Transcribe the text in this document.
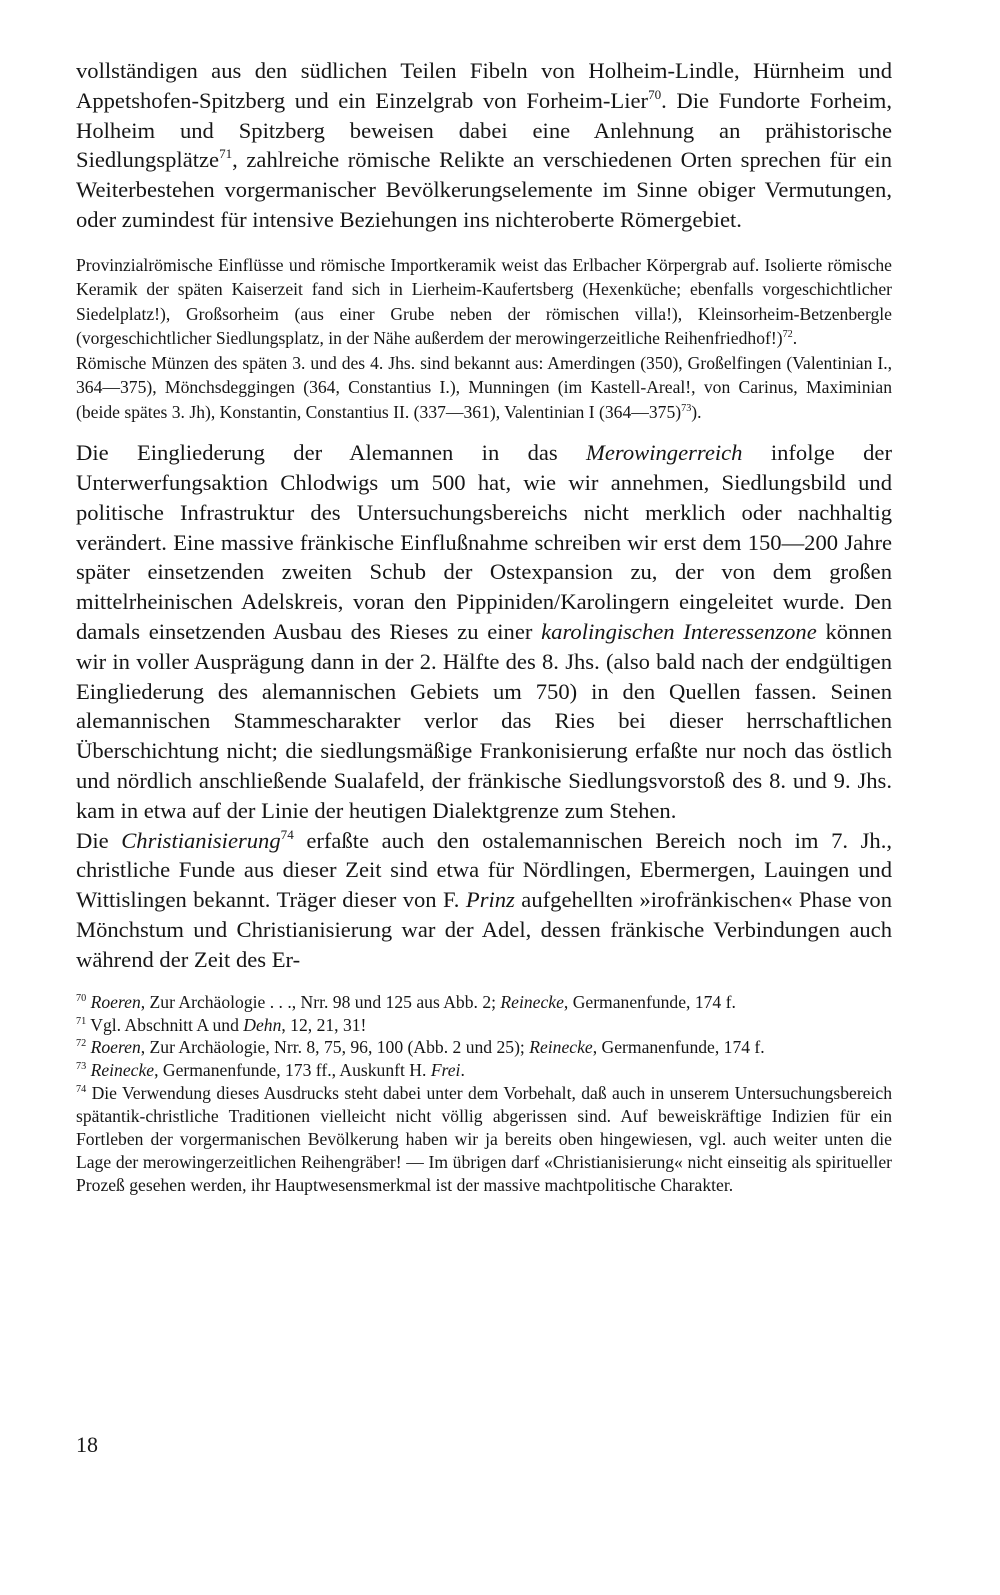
vollständigen aus den südlichen Teilen Fibeln von Holheim-Lindle, Hürnheim und Appetshofen-Spitzberg und ein Einzelgrab von Forheim-Lier$^{70}$. Die Fundorte Forheim, Holheim und Spitzberg beweisen dabei eine Anlehnung an prähistorische Siedlungsplätze$^{71}$, zahlreiche römische Relikte an verschiedenen Orten sprechen für ein Weiterbestehen vorgermanischer Bevölkerungselemente im Sinne obiger Vermutungen, oder zumindest für intensive Beziehungen ins nichteroberte Römergebiet.

Provinzialrömische Einflüsse und römische Importkeramik weist das Erlbacher Körpergrab auf. Isolierte römische Keramik der späten Kaiserzeit fand sich in Lierheim-Kaufertsberg (Hexenküche; ebenfalls vorgeschichtlicher Siedelplatz!), Großsorheim (aus einer Grube neben der römischen villa!), Kleinsorheim-Betzenbergle (vorgeschichtlicher Siedlungsplatz, in der Nähe außerdem der merowingerzeitliche Reihenfriedhof!)$^{72}$.

Römische Münzen des späten 3. und des 4. Jhs. sind bekannt aus: Amerdingen (350), Großelfingen (Valentinian I., 364—375), Mönchsdeggingen (364, Constantius I.), Munningen (im Kastell-Areal!, von Carinus, Maximinian (beide spätes 3. Jh), Konstantin, Constantius II. (337—361), Valentinian I (364—375)$^{73}$).

Die Eingliederung der Alemannen in das Merowingerreich infolge der Unterwerfungsaktion Chlodwigs um 500 hat, wie wir annehmen, Siedlungsbild und politische Infrastruktur des Untersuchungsbereichs nicht merklich oder nachhaltig verändert. Eine massive fränkische Einflußnahme schreiben wir erst dem 150—200 Jahre später einsetzenden zweiten Schub der Ostexpansion zu, der von dem großen mittelrheinischen Adelskreis, voran den Pippiniden/Karolingern eingeleitet wurde. Den damals einsetzenden Ausbau des Rieses zu einer karolingischen Interessenzone können wir in voller Ausprägung dann in der 2. Hälfte des 8. Jhs. (also bald nach der endgültigen Eingliederung des alemannischen Gebiets um 750) in den Quellen fassen. Seinen alemannischen Stammescharakter verlor das Ries bei dieser herrschaftlichen Überschichtung nicht; die siedlungsmäßige Frankonisierung erfaßte nur noch das östlich und nördlich anschließende Sualafeld, der fränkische Siedlungsvorstoß des 8. und 9. Jhs. kam in etwa auf der Linie der heutigen Dialektgrenze zum Stehen.

Die Christianisierung$^{74}$ erfaßte auch den ostalemannischen Bereich noch im 7. Jh., christliche Funde aus dieser Zeit sind etwa für Nördlingen, Ebermergen, Lauingen und Wittislingen bekannt. Träger dieser von F. Prinz aufgehellten »irofränkischen« Phase von Mönchstum und Christianisierung war der Adel, dessen fränkische Verbindungen auch während der Zeit des Er-

$^{70}$ Roeren, Zur Archäologie . . ., Nrr. 98 und 125 aus Abb. 2; Reinecke, Germanenfunde, 174 f.

$^{71}$ Vgl. Abschnitt A und Dehn, 12, 21, 31!

$^{72}$ Roeren, Zur Archäologie, Nrr. 8, 75, 96, 100 (Abb. 2 und 25); Reinecke, Germanenfunde, 174 f.

$^{73}$ Reinecke, Germanenfunde, 173 ff., Auskunft H. Frei.

$^{74}$ Die Verwendung dieses Ausdrucks steht dabei unter dem Vorbehalt, daß auch in unserem Untersuchungsbereich spätantik-christliche Traditionen vielleicht nicht völlig abgerissen sind. Auf beweiskräftige Indizien für ein Fortleben der vorgermanischen Bevölkerung haben wir ja bereits oben hingewiesen, vgl. auch weiter unten die Lage der merowingerzeitlichen Reihengräber! — Im übrigen darf «Christianisierung« nicht einseitig als spiritueller Prozeß gesehen werden, ihr Hauptwesensmerkmal ist der massive machtpolitische Charakter.

18
